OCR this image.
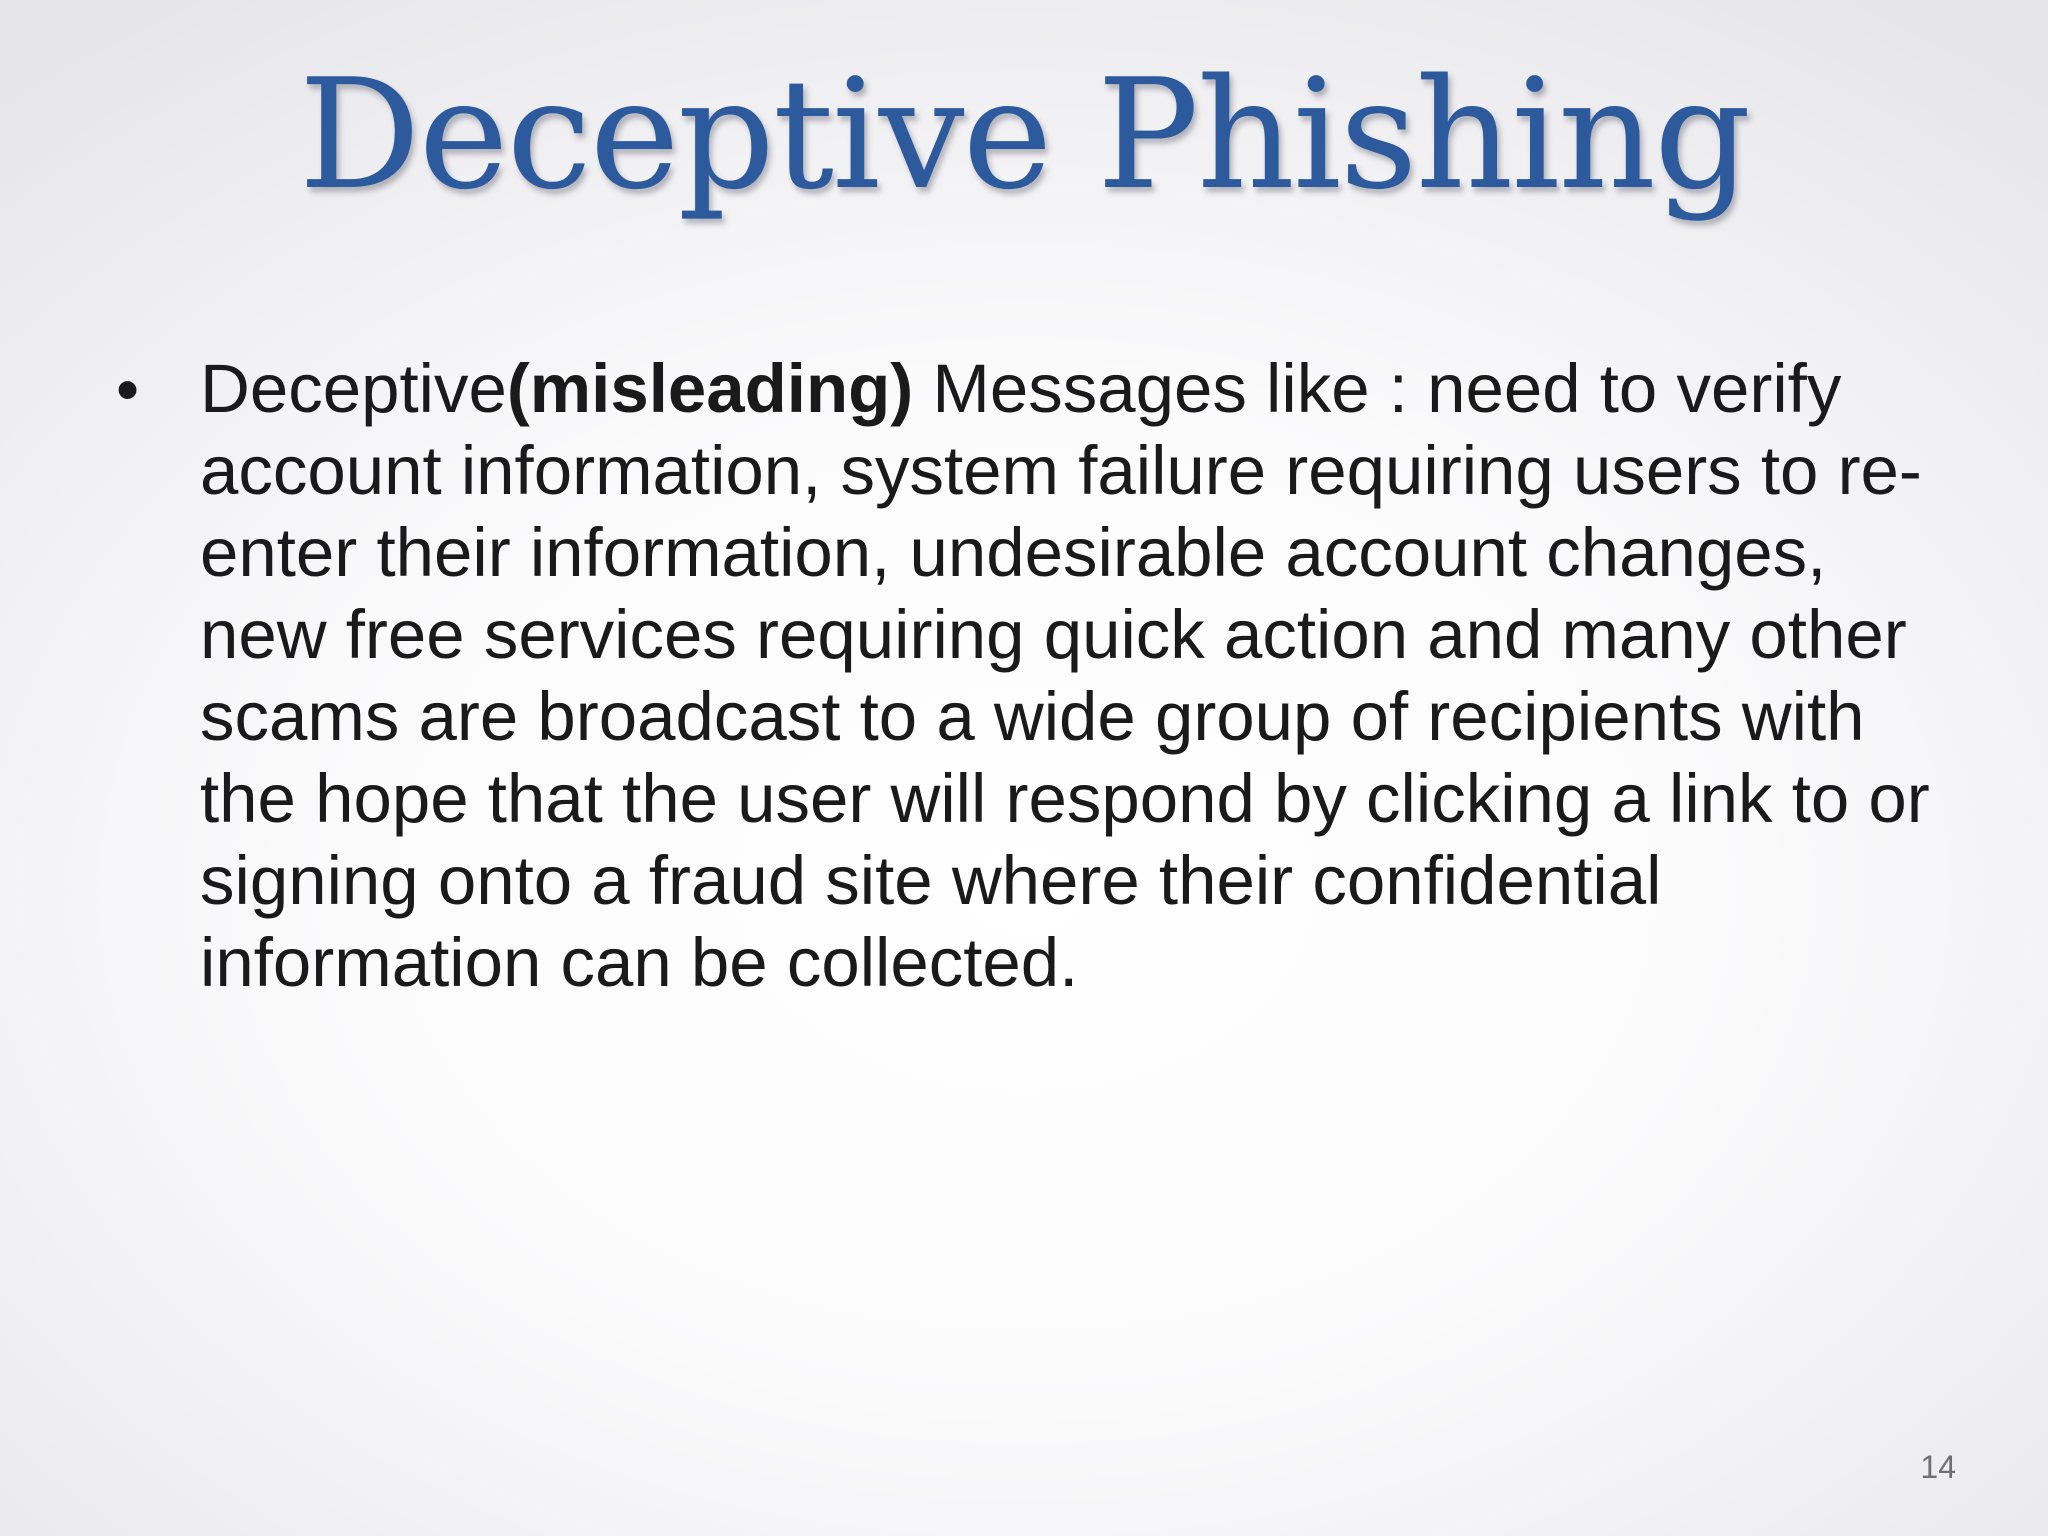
Deceptive Phishing
• Deceptive(misleading) Messages like : need to verify
account information, system failure requiring users to re-
enter their information, undesirable account changes,
new free services requiring quick action and many other
scams are broadcast to a wide group of recipients with
the hope that the user will respond by clicking a link to or
signing onto a fraud site where their confidential
information can be collected.

14
